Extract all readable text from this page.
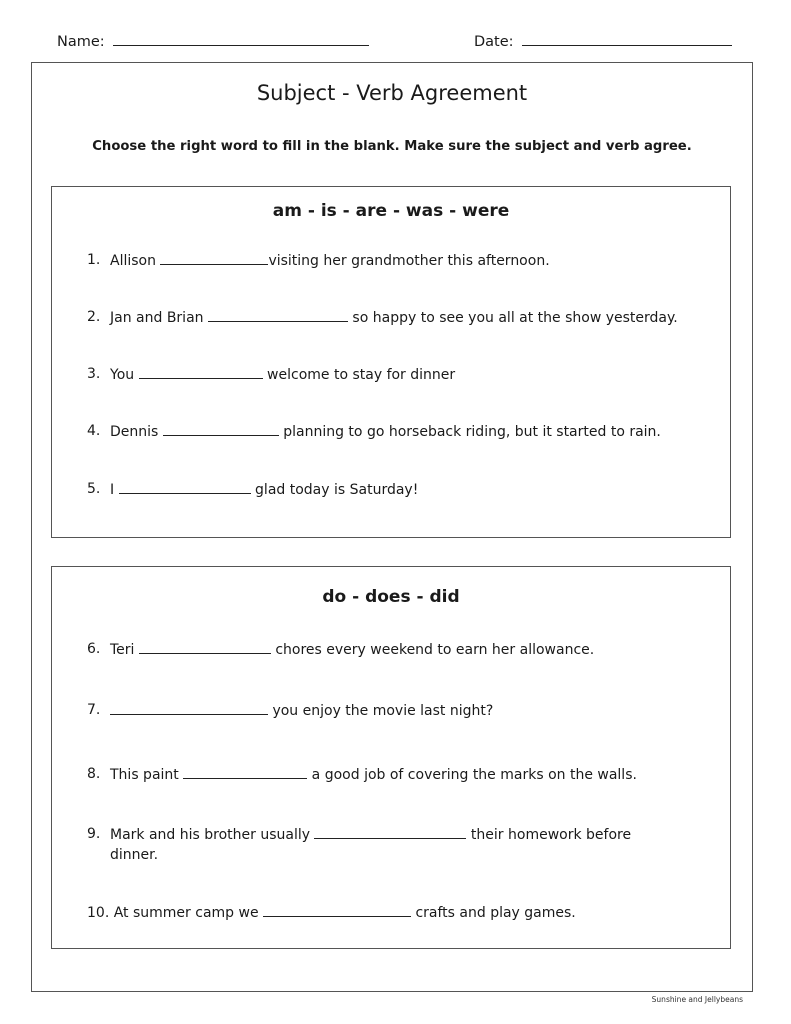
Name:	Date:
Subject - Verb Agreement
Choose the right word to fill in the blank. Make sure the subject and verb agree.
am - is - are - was - were
1. Allison	visiting her grandmother this afternoon.
2. Jan and Brian	so happy to see you all at the show yesterday.
3. You	welcome to stay for dinner
4. Dennis	planning to go horseback riding, but it started to rain.
5. I	glad today is Saturday!
do - does - did
6. Teri	chores every weekend to earn her allowance.
7.	you enjoy the movie last night?
8. This paint	a good job of covering the marks on the walls.
9. Mark and his brother usually	their homework before
dinner.
10. At summer camp we	crafts and play games.
Sunshine and Jellybeans
